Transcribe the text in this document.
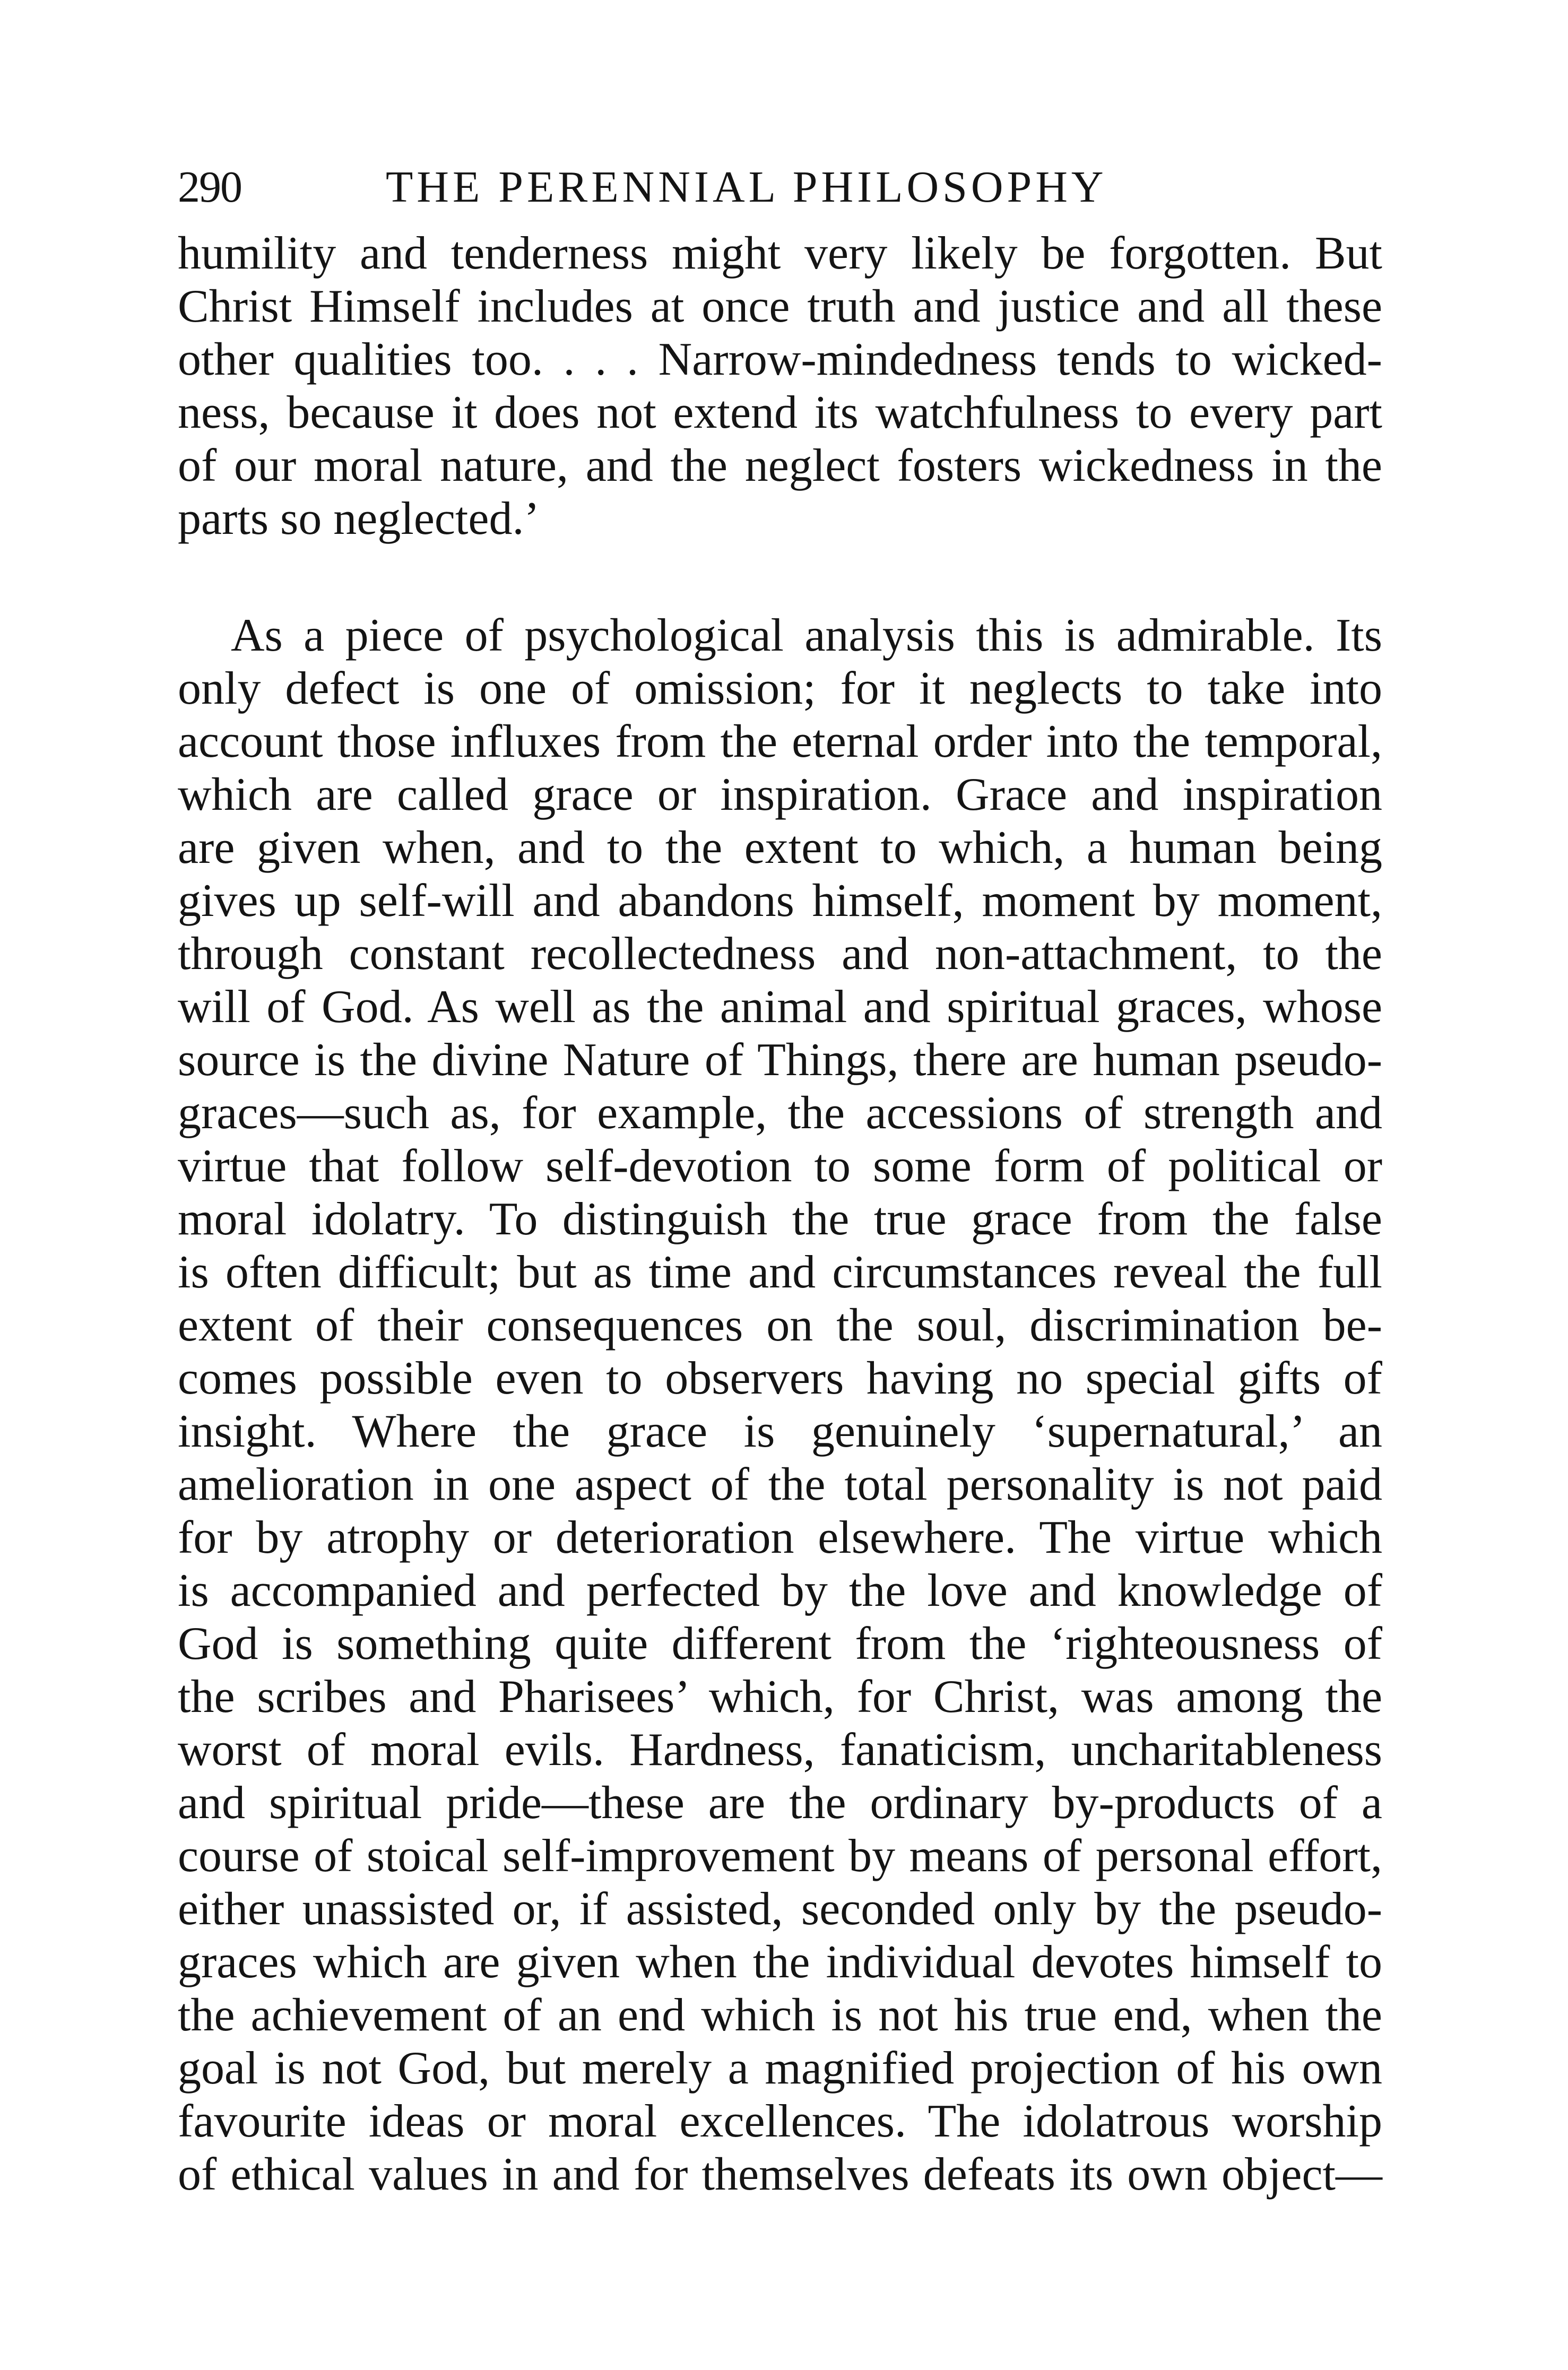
290	THE PERENNIAL PHILOSOPHY
humility and tenderness might very likely be forgotten. But
Christ Himself includes at once truth and justice and all these
other qualities too. . . . Narrow-mindedness tends to wicked-
ness, because it does not extend its watchfulness to every part
of our moral nature, and the neglect fosters wickedness in the
parts so neglected.’
As a piece of psychological analysis this is admirable. Its
only defect is one of omission; for it neglects to take into
account those influxes from the eternal order into the temporal,
which are called grace or inspiration. Grace and inspiration
are given when, and to the extent to which, a human being
gives up self-will and abandons himself, moment by moment,
through constant recollectedness and non-attachment, to the
will of God. As well as the animal and spiritual graces, whose
source is the divine Nature of Things, there are human pseudo-
graces—such as, for example, the accessions of strength and
virtue that follow self-devotion to some form of political or
moral idolatry. To distinguish the true grace from the false
is often difficult; but as time and circumstances reveal the full
extent of their consequences on the soul, discrimination be-
comes possible even to observers having no special gifts of
insight. Where the grace is genuinely ‘supernatural,’ an
amelioration in one aspect of the total personality is not paid
for by atrophy or deterioration elsewhere. The virtue which
is accompanied and perfected by the love and knowledge of
God is something quite different from the ‘righteousness of
the scribes and Pharisees’ which, for Christ, was among the
worst of moral evils. Hardness, fanaticism, uncharitableness
and spiritual pride—these are the ordinary by-products of a
course of stoical self-improvement by means of personal effort,
either unassisted or, if assisted, seconded only by the pseudo-
graces which are given when the individual devotes himself to
the achievement of an end which is not his true end, when the
goal is not God, but merely a magnified projection of his own
favourite ideas or moral excellences. The idolatrous worship
of ethical values in and for themselves defeats its own object—
